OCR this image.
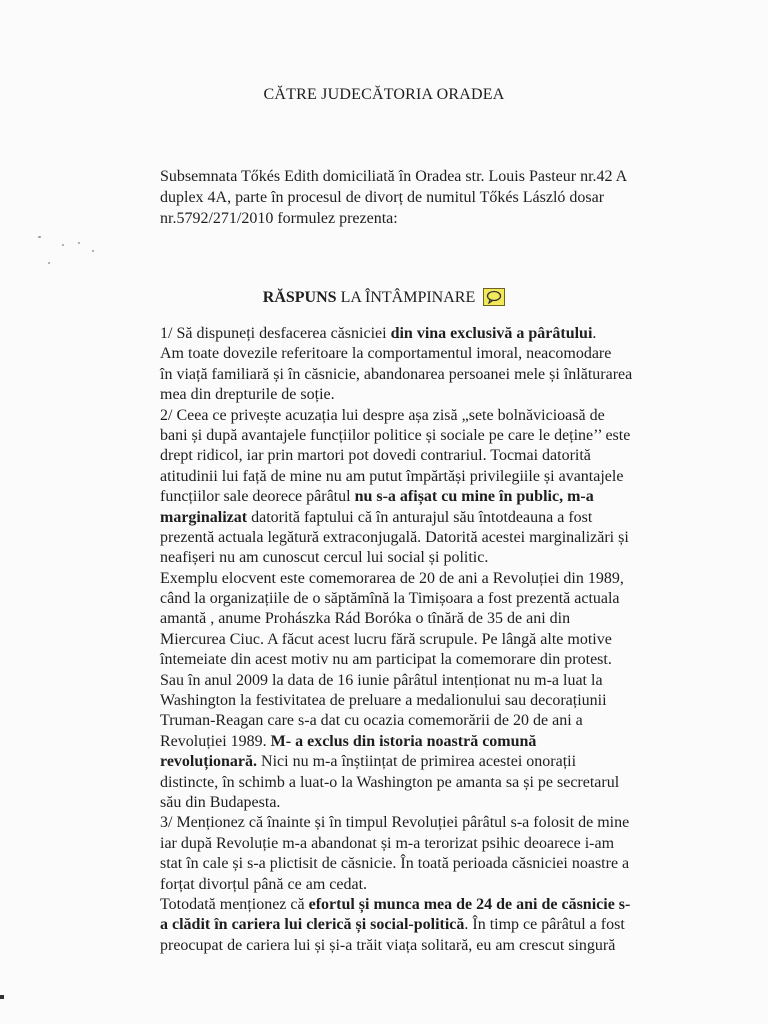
CĂTRE JUDECĂTORIA ORADEA
Subsemnata Tőkés Edith domiciliată în Oradea str. Louis Pasteur nr.42 A
duplex 4A, parte în procesul de divorț de numitul Tőkés László dosar
nr.5792/271/2010 formulez prezenta:
RĂSPUNS LA ÎNTÂMPINARE
1/ Să dispuneți desfacerea căsniciei din vina exclusivă a pârâtului.
Am toate dovezile referitoare la comportamentul imoral, neacomodare
în viață familiară și în căsnicie, abandonarea persoanei mele și înlăturarea
mea din drepturile de soție.
2/ Ceea ce privește acuzația lui despre așa zisă „sete bolnăvicioasă de
bani și după avantajele funcțiilor politice și sociale pe care le deține’’ este
drept ridicol, iar prin martori pot dovedi contrariul. Tocmai datorită
atitudinii lui față de mine nu am putut împărtăși privilegiile și avantajele
funcțiilor sale deorece pârâtul nu s-a afișat cu mine în public, m-a
marginalizat datorită faptului că în anturajul său întotdeauna a fost
prezentă actuala legătură extraconjugală. Datorită acestei marginalizări și
neafișeri nu am cunoscut cercul lui social și politic.
Exemplu elocvent este comemorarea de 20 de ani a Revoluției din 1989,
când la organizațiile de o săptămînă la Timișoara a fost prezentă actuala
amantă , anume Prohászka Rád Boróka o tînără de 35 de ani din
Miercurea Ciuc. A făcut acest lucru fără scrupule. Pe lângă alte motive
întemeiate din acest motiv nu am participat la comemorare din protest.
Sau în anul 2009 la data de 16 iunie pârâtul intenționat nu m-a luat la
Washington la festivitatea de preluare a medalionului sau decorațiunii
Truman-Reagan care s-a dat cu ocazia comemorării de 20 de ani a
Revoluției 1989. M- a exclus din istoria noastră comună
revoluționară. Nici nu m-a înștiințat de primirea acestei onorații
distincte, în schimb a luat-o la Washington pe amanta sa și pe secretarul
său din Budapesta.
3/ Menționez că înainte și în timpul Revoluției pârâtul s-a folosit de mine
iar după Revoluție m-a abandonat și m-a terorizat psihic deoarece i-am
stat în cale și s-a plictisit de căsnicie. În toată perioada căsniciei noastre a
forțat divorțul până ce am cedat.
Totodată menționez că efortul și munca mea de 24 de ani de căsnicie s-
a clădit în cariera lui clerică și social-politică. În timp ce pârâtul a fost
preocupat de cariera lui și și-a trăit viața solitară, eu am crescut singură
